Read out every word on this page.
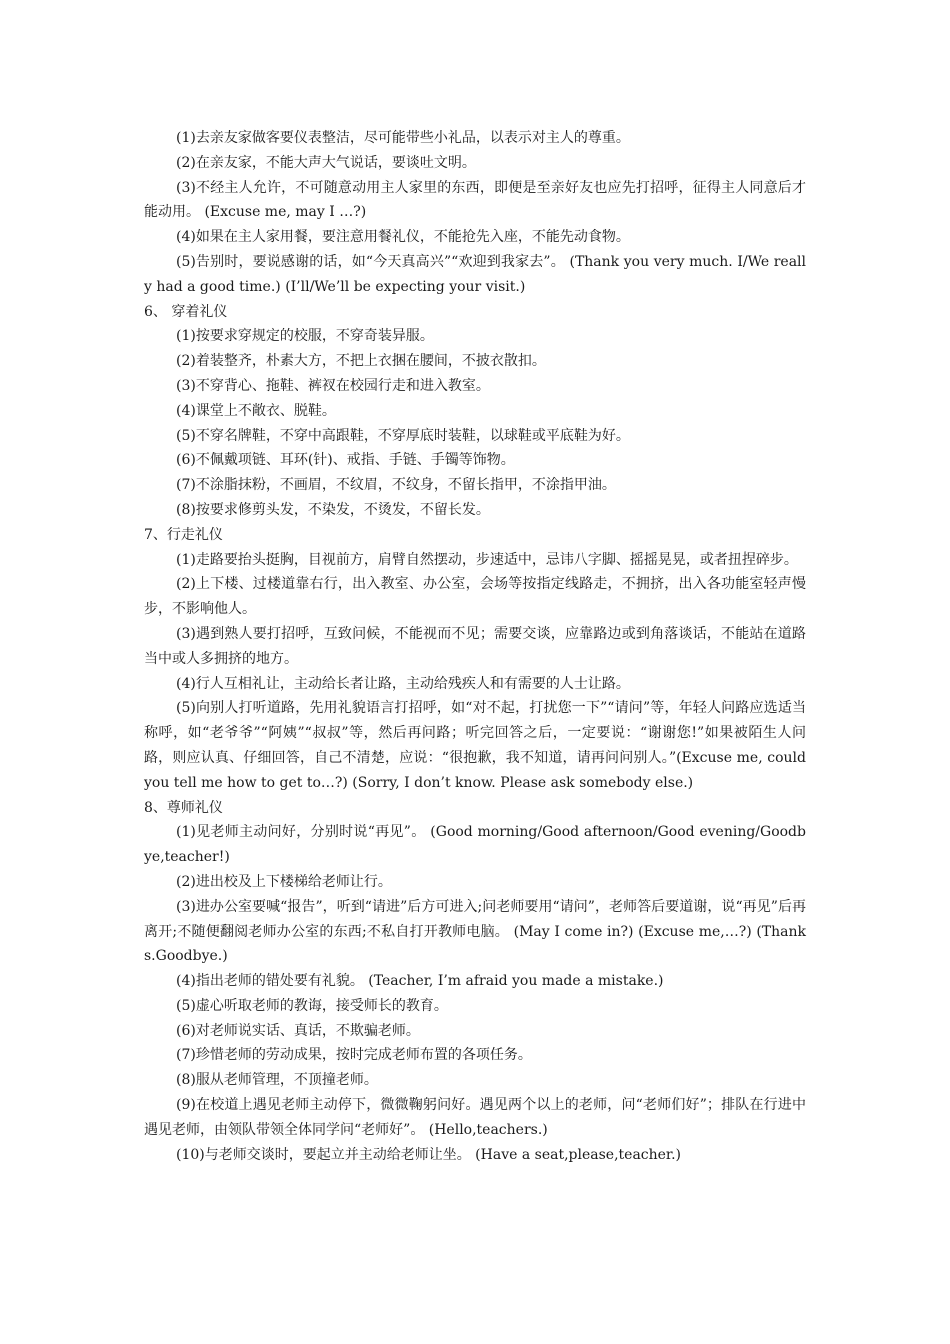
(1)去亲友家做客要仪表整洁，尽可能带些小礼品，以表示对主人的尊重。

(2)在亲友家，不能大声大气说话，要谈吐文明。

(3)不经主人允许，不可随意动用主人家里的东西，即便是至亲好友也应先打招呼，征得主人同意后才能动用。 (Excuse me, may I …?)

(4)如果在主人家用餐，要注意用餐礼仪，不能抢先入座，不能先动食物。

(5)告别时，要说感谢的话，如“今天真高兴”“欢迎到我家去”。 (Thank you very much. I/We really had a good time.) (I’ll/We’ll be expecting your visit.)

6、 穿着礼仪

(1)按要求穿规定的校服，不穿奇装异服。

(2)着装整齐，朴素大方，不把上衣捆在腰间，不披衣散扣。

(3)不穿背心、拖鞋、裤衩在校园行走和进入教室。

(4)课堂上不敞衣、脱鞋。

(5)不穿名牌鞋，不穿中高跟鞋，不穿厚底时装鞋，以球鞋或平底鞋为好。

(6)不佩戴项链、耳环(针)、戒指、手链、手镯等饰物。

(7)不涂脂抹粉，不画眉，不纹眉，不纹身，不留长指甲，不涂指甲油。

(8)按要求修剪头发，不染发，不烫发，不留长发。

7、行走礼仪

(1)走路要抬头挺胸，目视前方，肩臂自然摆动，步速适中，忌讳八字脚、摇摇晃晃，或者扭捏碎步。

(2)上下楼、过楼道靠右行，出入教室、办公室，会场等按指定线路走，不拥挤，出入各功能室轻声慢步，不影响他人。

(3)遇到熟人要打招呼，互致问候，不能视而不见；需要交谈，应靠路边或到角落谈话，不能站在道路当中或人多拥挤的地方。

(4)行人互相礼让，主动给长者让路，主动给残疾人和有需要的人士让路。

(5)向别人打听道路，先用礼貌语言打招呼，如“对不起，打扰您一下”“请问”等，年轻人问路应选适当称呼，如“老爷爷”“阿姨”“叔叔”等，然后再问路；听完回答之后，一定要说：“谢谢您!”如果被陌生人问路，则应认真、仔细回答，自己不清楚，应说：“很抱歉，我不知道，请再问问别人。”(Excuse me, could you tell me how to get to…?) (Sorry, I don’t know. Please ask somebody else.)

8、尊师礼仪

(1)见老师主动问好，分别时说“再见”。 (Good morning/Good afternoon/Good evening/Goodbye,teacher!)

(2)进出校及上下楼梯给老师让行。

(3)进办公室要喊“报告”，听到“请进”后方可进入;问老师要用“请问”，老师答后要道谢，说“再见”后再离开;不随便翻阅老师办公室的东西;不私自打开教师电脑。 (May I come in?) (Excuse me,…?) (Thanks.Goodbye.)

(4)指出老师的错处要有礼貌。 (Teacher, I’m afraid you made a mistake.)

(5)虚心听取老师的教诲，接受师长的教育。

(6)对老师说实话、真话，不欺骗老师。

(7)珍惜老师的劳动成果，按时完成老师布置的各项任务。

(8)服从老师管理，不顶撞老师。

(9)在校道上遇见老师主动停下，微微鞠躬问好。遇见两个以上的老师，问“老师们好”；排队在行进中遇见老师，由领队带领全体同学问“老师好”。 (Hello,teachers.)

(10)与老师交谈时，要起立并主动给老师让坐。 (Have a seat,please,teacher.)
